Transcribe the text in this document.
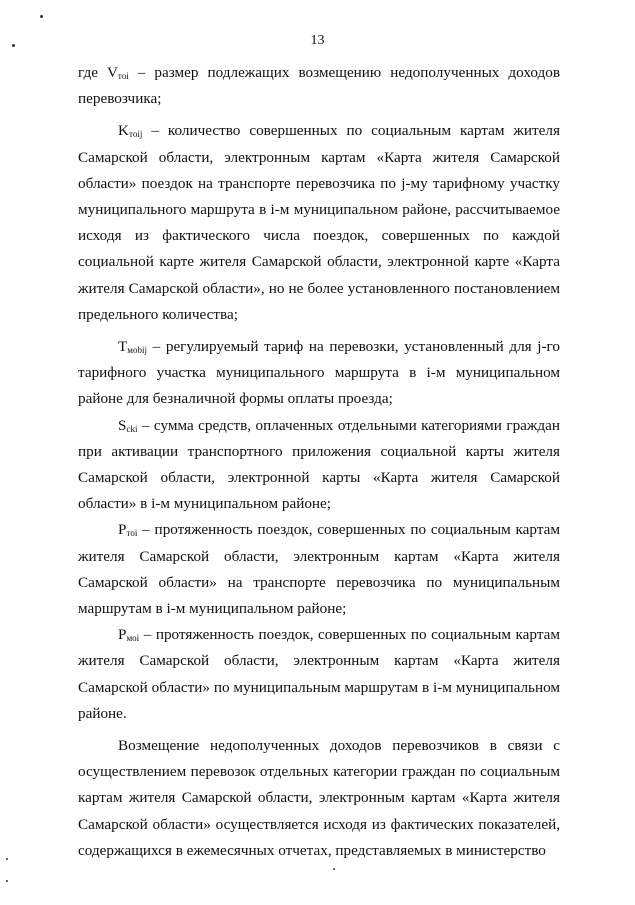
13

где $V_{тoi}$ – размер подлежащих возмещению недополученных доходов перевозчика;

$K_{тoij}$ – количество совершенных по социальным картам жителя Самарской области, электронным картам «Карта жителя Самарской области» поездок на транспорте перевозчика по j-му тарифному участку муниципального маршрута в i-м муниципальном районе, рассчитываемое исходя из фактического числа поездок, совершенных по каждой социальной карте жителя Самарской области, электронной карте «Карта жителя Самарской области», но не более установленного постановлением предельного количества;

$T_{мobij}$ – регулируемый тариф на перевозки, установленный для j-го тарифного участка муниципального маршрута в i-м муниципальном районе для безналичной формы оплаты проезда;

$S_{cki}$ – сумма средств, оплаченных отдельными категориями граждан при активации транспортного приложения социальной карты жителя Самарской области, электронной карты «Карта жителя Самарской области» в i-м муниципальном районе;

$P_{тoi}$ – протяженность поездок, совершенных по социальным картам жителя Самарской области, электронным картам «Карта жителя Самарской области» на транспорте перевозчика по муниципальным маршрутам в i-м муниципальном районе;

$P_{мoi}$ – протяженность поездок, совершенных по социальным картам жителя Самарской области, электронным картам «Карта жителя Самарской области» по муниципальным маршрутам в i-м муниципальном районе.

Возмещение недополученных доходов перевозчиков в связи с осуществлением перевозок отдельных категории граждан по социальным картам жителя Самарской области, электронным картам «Карта жителя Самарской области» осуществляется исходя из фактических показателей, содержащихся в ежемесячных отчетах, представляемых в министерство
